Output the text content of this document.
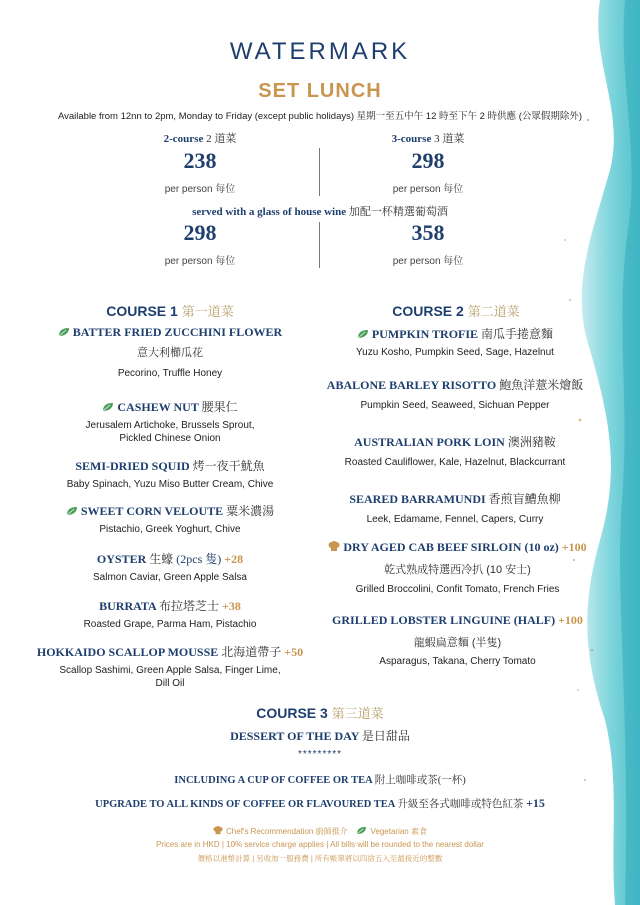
WATERMARK
SET LUNCH
Available from 12nn to 2pm, Monday to Friday (except public holidays) 星期一至五中午 12 時至下午 2 時供應 (公眾假期除外)
2-course 2 道菜
238
per person 每位
3-course 3 道菜
298
per person 每位
served with a glass of house wine 加配一杯精選葡萄酒
298
per person 每位
358
per person 每位
COURSE 1 第一道菜
BATTER FRIED ZUCCHINI FLOWER
意大利櫛瓜花
Pecorino, Truffle Honey
CASHEW NUT 腰果仁
Jerusalem Artichoke, Brussels Sprout,
Pickled Chinese Onion
SEMI-DRIED SQUID 烤一夜干魷魚
Baby Spinach, Yuzu Miso Butter Cream, Chive
SWEET CORN VELOUTE 粟米濃湯
Pistachio, Greek Yoghurt, Chive
OYSTER 生蠔 (2pcs 隻) +28
Salmon Caviar, Green Apple Salsa
BURRATA 布拉塔芝士 +38
Roasted Grape, Parma Ham, Pistachio
HOKKAIDO SCALLOP MOUSSE 北海道帶子 +50
Scallop Sashimi, Green Apple Salsa, Finger Lime,
Dill Oil
COURSE 2 第二道菜
PUMPKIN TROFIE 南瓜手捲意麵
Yuzu Kosho, Pumpkin Seed, Sage, Hazelnut
ABALONE BARLEY RISOTTO 鮑魚洋薏米燴飯
Pumpkin Seed, Seaweed, Sichuan Pepper
AUSTRALIAN PORK LOIN 澳洲豬鞍
Roasted Cauliflower, Kale, Hazelnut, Blackcurrant
SEARED BARRAMUNDI 香煎盲鰽魚柳
Leek, Edamame, Fennel, Capers, Curry
DRY AGED CAB BEEF SIRLOIN (10 oz) +100
乾式熟成特選西冷扒 (10 安士)
Grilled Broccolini, Confit Tomato, French Fries
GRILLED LOBSTER LINGUINE (HALF) +100
龍蝦扁意麵 (半隻)
Asparagus, Takana, Cherry Tomato
COURSE 3 第三道菜
DESSERT OF THE DAY 是日甜品
*********
INCLUDING A CUP OF COFFEE OR TEA 附上咖啡或茶(一杯)
UPGRADE TO ALL KINDS OF COFFEE OR FLAVOURED TEA 升級至各式咖啡或特色紅茶 +15
Chef's Recommendation 廚師推介	Vegetarian 素食
Prices are in HKD | 10% service charge applies | All bills will be rounded to the nearest dollar
價格以港幣計算 | 另收加一服務費 | 所有帳單將以四捨五入至最接近的整數
